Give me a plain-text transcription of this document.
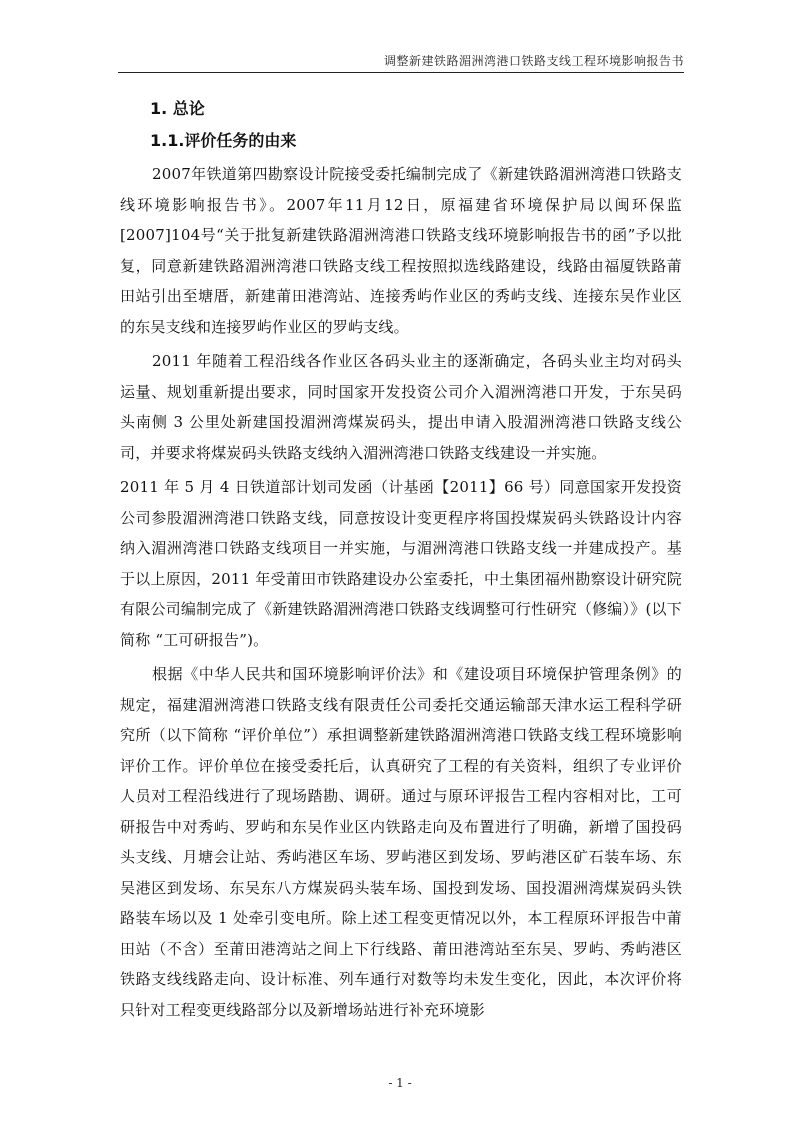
调整新建铁路湄洲湾港口铁路支线工程环境影响报告书
1. 总论
1.1.评价任务的由来

2007年铁道第四勘察设计院接受委托编制完成了《新建铁路湄洲湾港口铁路支线环境影响报告书》。2007年11月12日，原福建省环境保护局以闽环保监[2007]104号“关于批复新建铁路湄洲湾港口铁路支线环境影响报告书的函”予以批复，同意新建铁路湄洲湾港口铁路支线工程按照拟选线路建设，线路由福厦铁路莆田站引出至塘厝，新建莆田港湾站、连接秀屿作业区的秀屿支线、连接东吴作业区的东吴支线和连接罗屿作业区的罗屿支线。

2011 年随着工程沿线各作业区各码头业主的逐渐确定，各码头业主均对码头运量、规划重新提出要求，同时国家开发投资公司介入湄洲湾港口开发，于东吴码头南侧 3 公里处新建国投湄洲湾煤炭码头，提出申请入股湄洲湾港口铁路支线公司，并要求将煤炭码头铁路支线纳入湄洲湾港口铁路支线建设一并实施。

2011 年 5 月 4 日铁道部计划司发函（计基函【2011】66 号）同意国家开发投资公司参股湄洲湾港口铁路支线，同意按设计变更程序将国投煤炭码头铁路设计内容纳入湄洲湾港口铁路支线项目一并实施，与湄洲湾港口铁路支线一并建成投产。基于以上原因，2011 年受莆田市铁路建设办公室委托，中土集团福州勘察设计研究院有限公司编制完成了《新建铁路湄洲湾港口铁路支线调整可行性研究（修编）》(以下简称 “工可研报告”)。

根据《中华人民共和国环境影响评价法》和《建设项目环境保护管理条例》的规定，福建湄洲湾港口铁路支线有限责任公司委托交通运输部天津水运工程科学研究所（以下简称 “评价单位”）承担调整新建铁路湄洲湾港口铁路支线工程环境影响评价工作。评价单位在接受委托后，认真研究了工程的有关资料，组织了专业评价人员对工程沿线进行了现场踏勘、调研。通过与原环评报告工程内容相对比，工可研报告中对秀屿、罗屿和东吴作业区内铁路走向及布置进行了明确，新增了国投码头支线、月塘会让站、秀屿港区车场、罗屿港区到发场、罗屿港区矿石装车场、东吴港区到发场、东吴东八方煤炭码头装车场、国投到发场、国投湄洲湾煤炭码头铁路装车场以及 1 处牵引变电所。除上述工程变更情况以外，本工程原环评报告中莆田站（不含）至莆田港湾站之间上下行线路、莆田港湾站至东吴、罗屿、秀屿港区铁路支线线路走向、设计标准、列车通行对数等均未发生变化，因此，本次评价将只针对工程变更线路部分以及新增场站进行补充环境影

- 1 -
